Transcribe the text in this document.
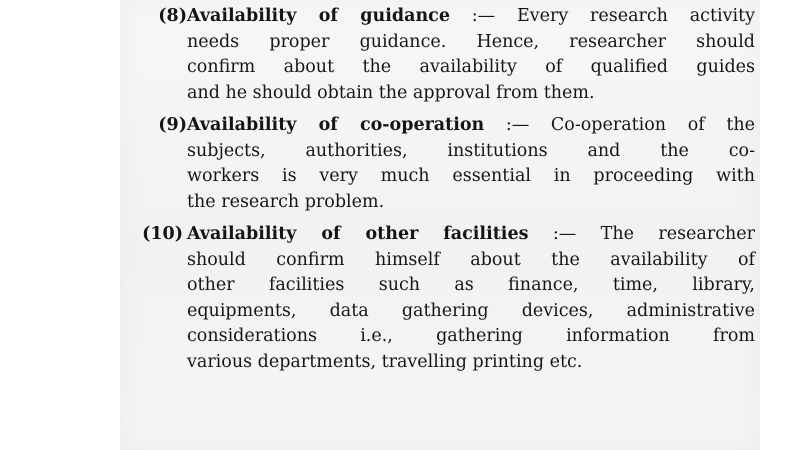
(8) Availability of guidance :— Every research activity
needs proper guidance. Hence, researcher should
confirm about the availability of qualified guides
and he should obtain the approval from them.
(9) Availability of co-operation :— Co-operation of the
subjects, authorities, institutions and the co-
workers is very much essential in proceeding with
the research problem.
(10) Availability of other facilities :— The researcher
should confirm himself about the availability of
other facilities such as finance, time, library,
equipments, data gathering devices, administrative
considerations i.e., gathering information from
various departments, travelling printing etc.
